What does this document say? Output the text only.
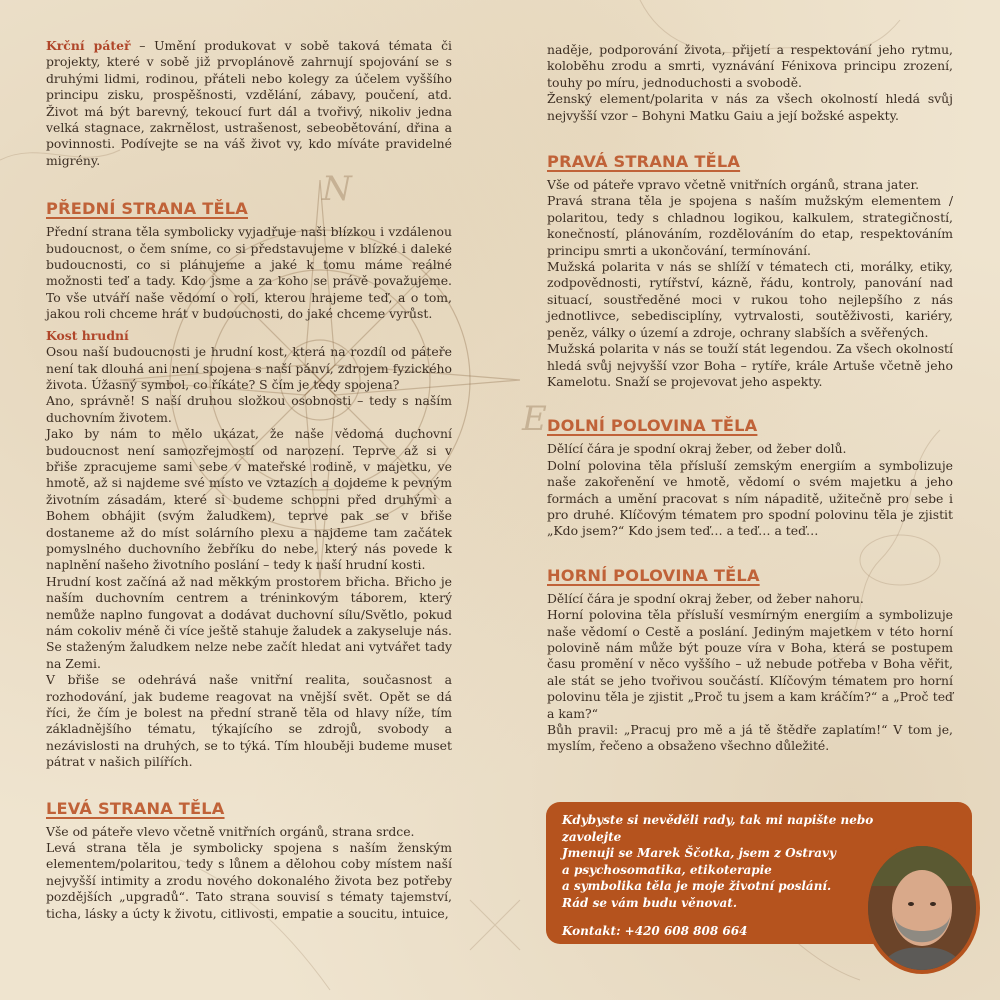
N
E

Krční páteř – Umění produkovat v sobě taková témata či projekty, které v sobě již prvoplánově zahrnují spojování se s druhými lidmi, rodinou, přáteli nebo kolegy za účelem vyššího principu zisku, prospěšnosti, vzdělání, zábavy, poučení, atd. Život má být barevný, tekoucí furt dál a tvořivý, nikoliv jedna velká stagnace, zakrnělost, ustrašenost, sebeobětování, dřina a povinnosti. Podívejte se na váš život vy, kdo míváte pravidelné migrény.

PŘEDNÍ STRANA TĚLA

Přední strana těla symbolicky vyjadřuje naši blízkou i vzdálenou budoucnost, o čem sníme, co si představujeme v blízké i daleké budoucnosti, co si plánujeme a jaké k tomu máme reálné možnosti teď a tady. Kdo jsme a za koho se právě považujeme. To vše utváří naše vědomí o roli, kterou hrajeme teď, a o tom, jakou roli chceme hrát v budoucnosti, do jaké chceme vyrůst.

Kost hrudní

Osou naší budoucnosti je hrudní kost, která na rozdíl od páteře není tak dlouhá ani není spojena s naší pánví, zdrojem fyzického života. Úžasný symbol, co říkáte? S čím je tedy spojena?

Ano, správně! S naší druhou složkou osobnosti – tedy s naším duchovním životem.

Jako by nám to mělo ukázat, že naše vědomá duchovní budoucnost není samozřejmostí od narození. Teprve až si v břiše zpracujeme sami sebe v mateřské rodině, v majetku, ve hmotě, až si najdeme své místo ve vztazích a dojdeme k pevným životním zásadám, které si budeme schopni před druhými a Bohem obhájit (svým žaludkem), teprve pak se v břiše dostaneme až do míst solárního plexu a najdeme tam začátek pomyslného duchovního žebříku do nebe, který nás povede k naplnění našeho životního poslání – tedy k naší hrudní kosti.

Hrudní kost začíná až nad měkkým prostorem břicha. Břicho je naším duchovním centrem a tréninkovým táborem, který nemůže naplno fungovat a dodávat duchovní sílu/Světlo, pokud nám cokoliv méně či více ještě stahuje žaludek a zakyseluje nás. Se staženým žaludkem nelze nebe začít hledat ani vytvářet tady na Zemi.

V břiše se odehrává naše vnitřní realita, současnost a rozhodování, jak budeme reagovat na vnější svět. Opět se dá říci, že čím je bolest na přední straně těla od hlavy níže, tím základnějšího tématu, týkajícího se zdrojů, svobody a nezávislosti na druhých, se to týká. Tím hlouběji budeme muset pátrat v našich pilířích.

LEVÁ STRANA TĚLA

Vše od páteře vlevo včetně vnitřních orgánů, strana srdce.

Levá strana těla je symbolicky spojena s naším ženským elementem/polaritou, tedy s lůnem a dělohou coby místem naší nejvyšší intimity a zrodu nového dokonalého života bez potřeby pozdějších „upgradů“. Tato strana souvisí s tématy tajemství, ticha, lásky a úcty k životu, citlivosti, empatie a soucitu, intuice,

naděje, podporování života, přijetí a respektování jeho rytmu, koloběhu zrodu a smrti, vyznávání Fénixova principu zrození, touhy po míru, jednoduchosti a svobodě.

Ženský element/polarita v nás za všech okolností hledá svůj nejvyšší vzor – Bohyni Matku Gaiu a její božské aspekty.

PRAVÁ STRANA TĚLA

Vše od páteře vpravo včetně vnitřních orgánů, strana jater.

Pravá strana těla je spojena s naším mužským elementem / polaritou, tedy s chladnou logikou, kalkulem, strategičností, konečností, plánováním, rozdělováním do etap, respektováním principu smrti a ukončování, termínování.

Mužská polarita v nás se shlíží v tématech cti, morálky, etiky, zodpovědnosti, rytířství, kázně, řádu, kontroly, panování nad situací, soustředěné moci v rukou toho nejlepšího z nás jednotlivce, sebedisciplíny, vytrvalosti, soutěživosti, kariéry, peněz, války o území a zdroje, ochrany slabších a svěřených.

Mužská polarita v nás se touží stát legendou. Za všech okolností hledá svůj nejvyšší vzor Boha – rytíře, krále Artuše včetně jeho Kamelotu. Snaží se projevovat jeho aspekty.

DOLNÍ POLOVINA TĚLA

Dělící čára je spodní okraj žeber, od žeber dolů.

Dolní polovina těla přísluší zemským energiím a symbolizuje naše zakořenění ve hmotě, vědomí o svém majetku a jeho formách a umění pracovat s ním nápaditě, užitečně pro sebe i pro druhé. Klíčovým tématem pro spodní polovinu těla je zjistit „Kdo jsem?“ Kdo jsem teď… a teď… a teď…

HORNÍ POLOVINA TĚLA

Dělící čára je spodní okraj žeber, od žeber nahoru.

Horní polovina těla přísluší vesmírným energiím a symbolizuje naše vědomí o Cestě a poslání. Jediným majetkem v této horní polovině nám může být pouze víra v Boha, která se postupem času promění v něco vyššího – už nebude potřeba v Boha věřit, ale stát se jeho tvořivou součástí. Klíčovým tématem pro horní polovinu těla je zjistit „Proč tu jsem a kam kráčím?“ a „Proč teď a kam?“

Bůh pravil: „Pracuj pro mě a já tě štědře zaplatím!“ V tom je, myslím, řečeno a obsaženo všechno důležité.

Kdybyste si nevěděli rady, tak mi napište nebo zavolejte

Jmenuji se Marek Ščotka, jsem z Ostravy

a psychosomatika, etikoterapie

a symbolika těla je moje životní poslání.

Rád se vám budu věnovat.

Kontakt: +420 608 808 664
